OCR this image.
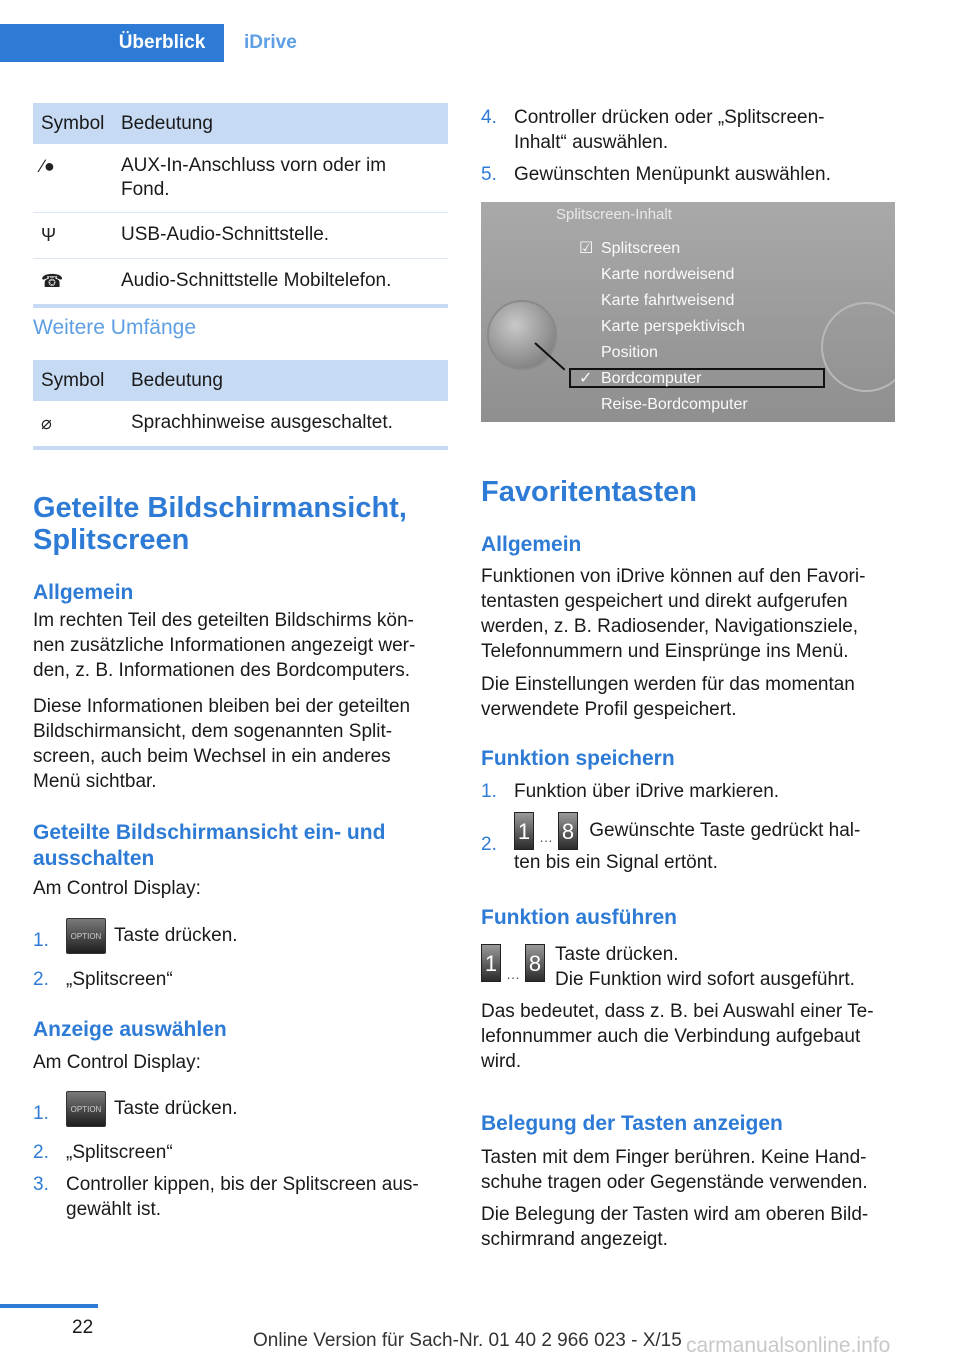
Überblick	iDrive
Symbol	Bedeutung
∕●	AUX-In-Anschluss vorn oder im Fond.

Ψ	USB-Audio-Schnittstelle.
☎	Audio-Schnittstelle Mobiltelefon.
Weitere Umfänge
Symbol	Bedeutung
⌀	Sprachhinweise ausgeschaltet.
Geteilte Bildschirmansicht,
Splitscreen
Allgemein

Im rechten Teil des geteilten Bildschirms kön-
nen zusätzliche Informationen angezeigt wer-
den, z. B. Informationen des Bordcomputers.

Diese Informationen bleiben bei der geteilten
Bildschirmansicht, dem sogenannten Split-
screen, auch beim Wechsel in ein anderes
Menü sichtbar.

Geteilte Bildschirmansicht ein- und
ausschalten

Am Control Display:

1.	OPTION Taste drücken.
2. „Splitscreen“
Anzeige auswählen

Am Control Display:

1.	OPTION Taste drücken.
2. „Splitscreen“
3. Controller kippen, bis der Splitscreen aus-
gewählt ist.
4. Controller drücken oder „Splitscreen-
Inhalt“ auswählen.
5. Gewünschten Menüpunkt auswählen.
Splitscreen-Inhalt
☑ Splitscreen
Karte nordweisend
Karte fahrtweisend
Karte perspektivisch
Position
✓ Bordcomputer
Reise-Bordcomputer
Favoritentasten
Allgemein

Funktionen von iDrive können auf den Favori-
tentasten gespeichert und direkt aufgerufen
werden, z. B. Radiosender, Navigationsziele,
Telefonnummern und Einsprünge ins Menü.

Die Einstellungen werden für das momentan
verwendete Profil gespeichert.

Funktion speichern
1. Funktion über iDrive markieren.
2.
1 … 8 Gewünschte Taste gedrückt hal-
ten bis ein Signal ertönt.
Funktion ausführen
1 … 8 Taste drücken.
Die Funktion wird sofort ausgeführt.

Das bedeutet, dass z. B. bei Auswahl einer Te-
lefonnummer auch die Verbindung aufgebaut
wird.

Belegung der Tasten anzeigen

Tasten mit dem Finger berühren. Keine Hand-
schuhe tragen oder Gegenstände verwenden.

Die Belegung der Tasten wird am oberen Bild-
schirmrand angezeigt.

22
Online Version für Sach-Nr. 01 40 2 966 023 - X/15 carmanualsonline.info
